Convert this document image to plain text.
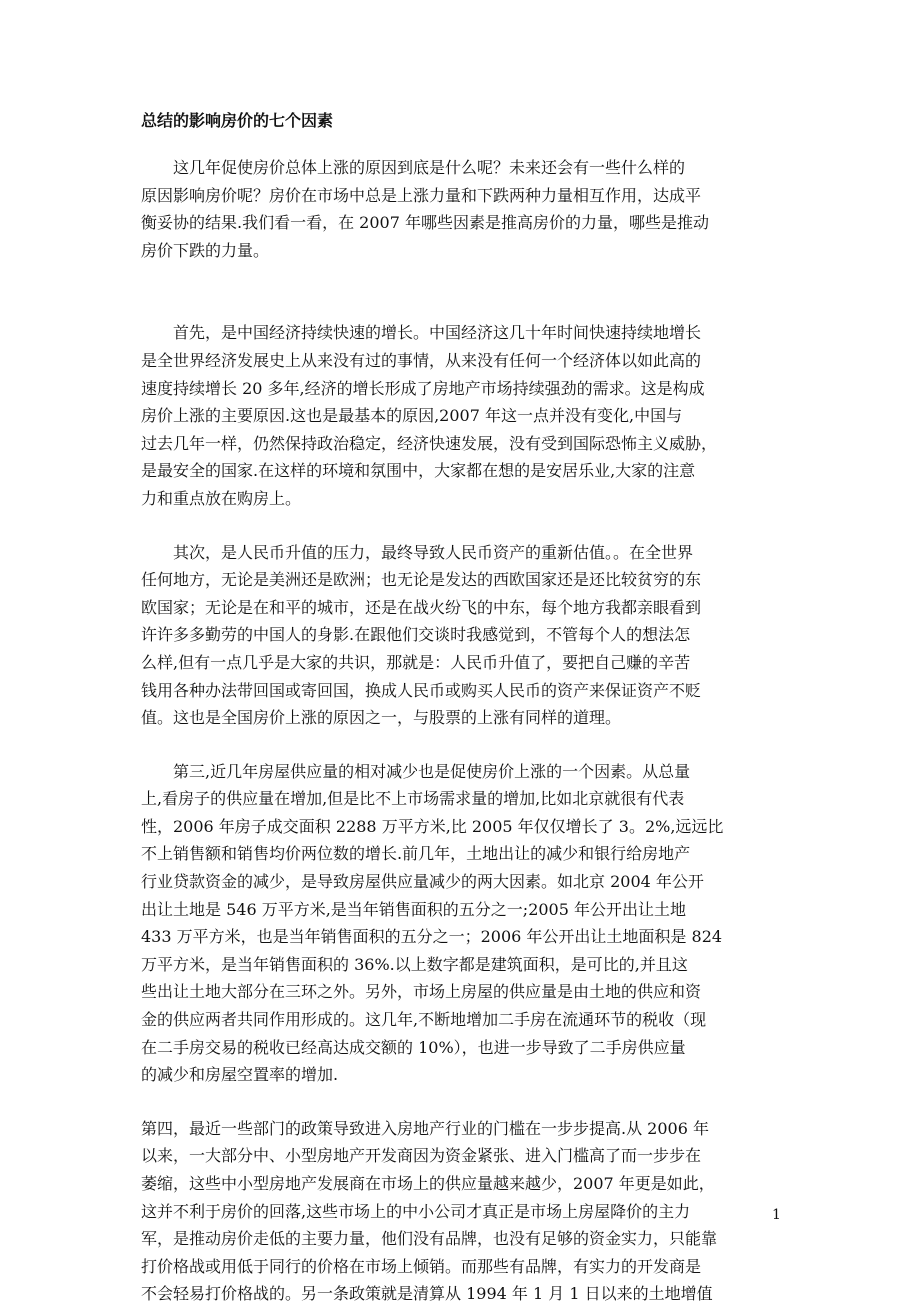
总结的影响房价的七个因素

　　这几年促使房价总体上涨的原因到底是什么呢？未来还会有一些什么样的
原因影响房价呢？房价在市场中总是上涨力量和下跌两种力量相互作用，达成平
衡妥协的结果.我们看一看，在 2007 年哪些因素是推高房价的力量，哪些是推动
房价下跌的力量。

　　首先，是中国经济持续快速的增长。中国经济这几十年时间快速持续地增长
是全世界经济发展史上从来没有过的事情，从来没有任何一个经济体以如此高的
速度持续增长 20 多年,经济的增长形成了房地产市场持续强劲的需求。这是构成
房价上涨的主要原因.这也是最基本的原因,2007 年这一点并没有变化,中国与
过去几年一样，仍然保持政治稳定，经济快速发展，没有受到国际恐怖主义威胁，
是最安全的国家.在这样的环境和氛围中，大家都在想的是安居乐业,大家的注意
力和重点放在购房上。

　　其次，是人民币升值的压力，最终导致人民币资产的重新估值。。在全世界
任何地方，无论是美洲还是欧洲；也无论是发达的西欧国家还是还比较贫穷的东
欧国家；无论是在和平的城市，还是在战火纷飞的中东，每个地方我都亲眼看到
许许多多勤劳的中国人的身影.在跟他们交谈时我感觉到，不管每个人的想法怎
么样,但有一点几乎是大家的共识，那就是：人民币升值了，要把自己赚的辛苦
钱用各种办法带回国或寄回国，换成人民币或购买人民币的资产来保证资产不贬
值。这也是全国房价上涨的原因之一，与股票的上涨有同样的道理。

　　第三,近几年房屋供应量的相对减少也是促使房价上涨的一个因素。从总量
上,看房子的供应量在增加,但是比不上市场需求量的增加,比如北京就很有代表
性，2006 年房子成交面积 2288 万平方米,比 2005 年仅仅增长了 3。2%,远远比
不上销售额和销售均价两位数的增长.前几年，土地出让的减少和银行给房地产
行业贷款资金的减少，是导致房屋供应量减少的两大因素。如北京 2004 年公开
出让土地是 546 万平方米,是当年销售面积的五分之一;2005 年公开出让土地
433 万平方米，也是当年销售面积的五分之一；2006 年公开出让土地面积是 824
万平方米，是当年销售面积的 36%.以上数字都是建筑面积，是可比的,并且这
些出让土地大部分在三环之外。另外，市场上房屋的供应量是由土地的供应和资
金的供应两者共同作用形成的。这几年,不断地增加二手房在流通环节的税收（现
在二手房交易的税收已经高达成交额的 10%），也进一步导致了二手房供应量
的减少和房屋空置率的增加.

第四，最近一些部门的政策导致进入房地产行业的门槛在一步步提高.从 2006 年
以来，一大部分中、小型房地产开发商因为资金紧张、进入门槛高了而一步步在
萎缩，这些中小型房地产发展商在市场上的供应量越来越少，2007 年更是如此，
这并不利于房价的回落,这些市场上的中小公司才真正是市场上房屋降价的主力
军，是推动房价走低的主要力量，他们没有品牌，也没有足够的资金实力，只能靠
打价格战或用低于同行的价格在市场上倾销。而那些有品牌，有实力的开发商是
不会轻易打价格战的。另一条政策就是清算从 1994 年 1 月 1 日以来的土地增值

1
